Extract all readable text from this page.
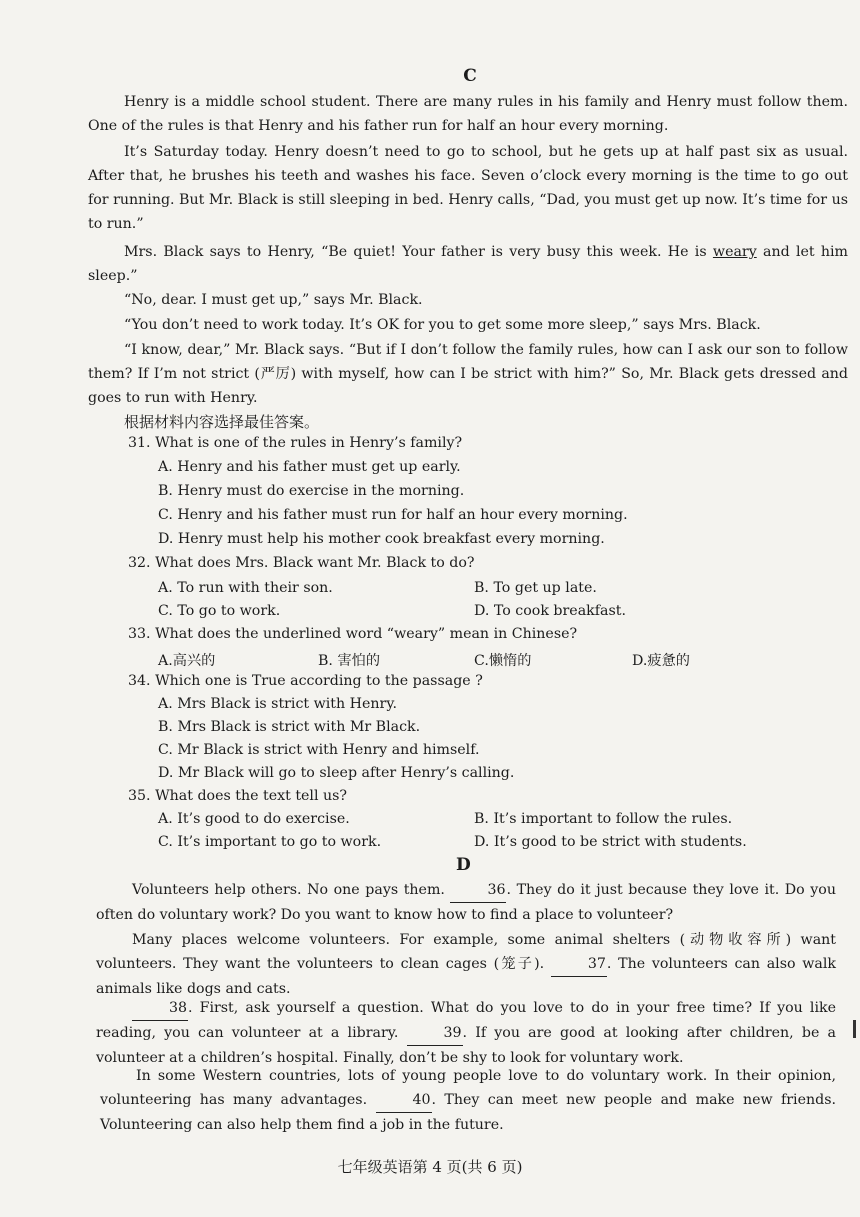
C
Henry is a middle school student. There are many rules in his family and Henry must follow them. One of the rules is that Henry and his father run for half an hour every morning.
It’s Saturday today. Henry doesn’t need to go to school, but he gets up at half past six as usual. After that, he brushes his teeth and washes his face. Seven o’clock every morning is the time to go out for running. But Mr. Black is still sleeping in bed. Henry calls, “Dad, you must get up now. It’s time for us to run.”
Mrs. Black says to Henry, “Be quiet! Your father is very busy this week. He is weary and let him sleep.”
“No, dear. I must get up,” says Mr. Black.
“You don’t need to work today. It’s OK for you to get some more sleep,” says Mrs. Black.
“I know, dear,” Mr. Black says. “But if I don’t follow the family rules, how can I ask our son to follow them? If I’m not strict (严厉) with myself, how can I be strict with him?” So, Mr. Black gets dressed and goes to run with Henry.
根据材料内容选择最佳答案。
31. What is one of the rules in Henry’s family?
A. Henry and his father must get up early.
B. Henry must do exercise in the morning.
C. Henry and his father must run for half an hour every morning.
D. Henry must help his mother cook breakfast every morning.
32. What does Mrs. Black want Mr. Black to do?
A. To run with their son.	B. To get up late.
C. To go to work.	D. To cook breakfast.
33. What does the underlined word “weary” mean in Chinese?
A.高兴的	B. 害怕的	C.懒惰的	D.疲惫的
34. Which one is True according to the passage ?
A. Mrs Black is strict with Henry.
B. Mrs Black is strict with Mr Black.
C. Mr Black is strict with Henry and himself.
D. Mr Black will go to sleep after Henry’s calling.
35. What does the text tell us?
A. It’s good to do exercise.	B. It’s important to follow the rules.
C. It’s important to go to work.	D. It’s good to be strict with students.
D
Volunteers help others. No one pays them.	36. They do it just because they love it. Do you often do voluntary work? Do you want to know how to find a place to volunteer?
Many places welcome volunteers. For example, some animal shelters (动物收容所) want volunteers. They want the volunteers to clean cages (笼子).	37. The volunteers can also walk animals like dogs and cats.
38. First, ask yourself a question. What do you love to do in your free time? If you like reading, you can volunteer at a library.	39. If you are good at looking after children, be a volunteer at a children’s hospital. Finally, don’t be shy to look for voluntary work.
In some Western countries, lots of young people love to do voluntary work. In their opinion, volunteering has many advantages.	40. They can meet new people and make new friends. Volunteering can also help them find a job in the future.
七年级英语第 4 页(共 6 页)
